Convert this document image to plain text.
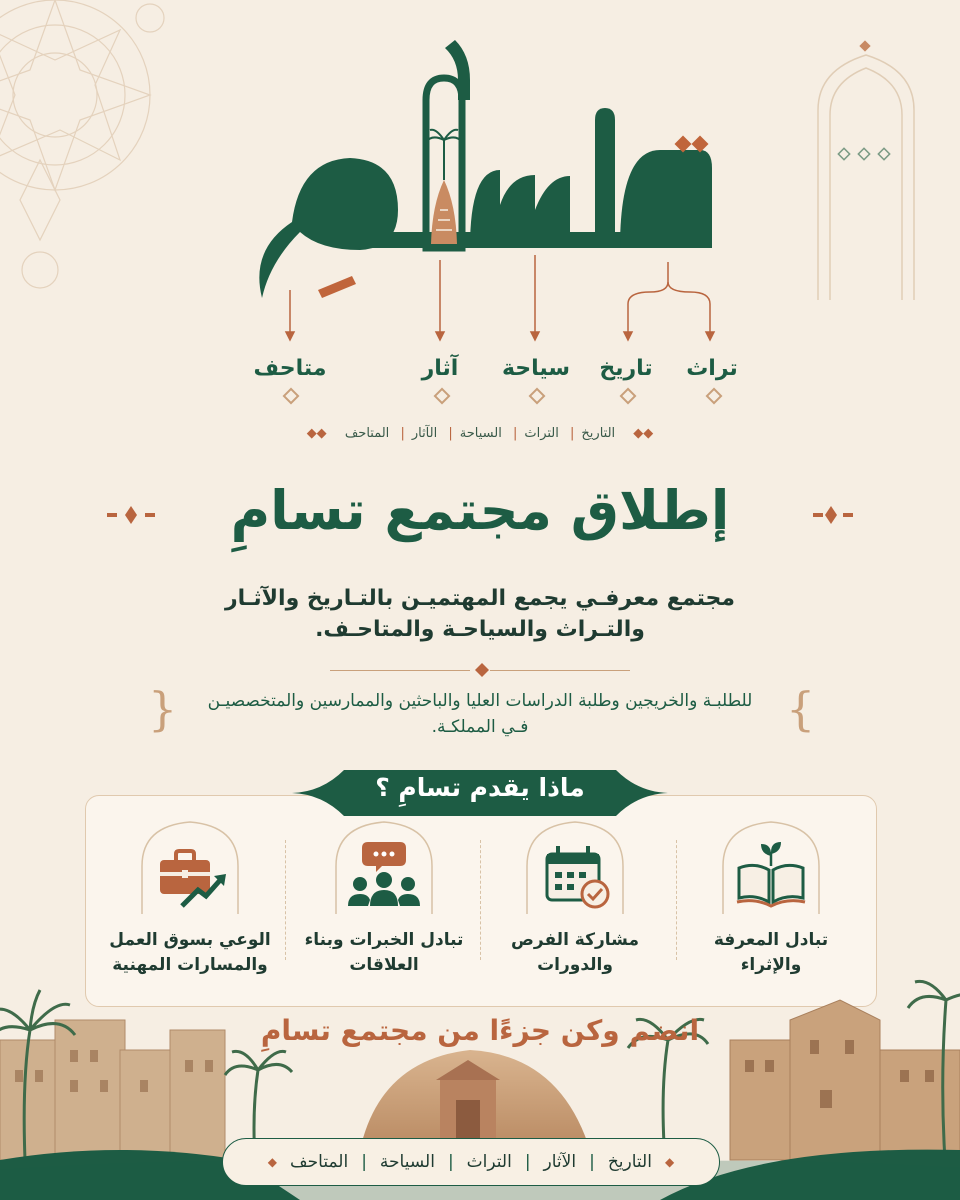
تراث
تاريخ
سياحة
آثار
متاحف
◆◆ التاريخ| التراث| السياحة| الآثار| المتاحف ◆◆
إطلاق مجتمع تسامِ
مجتمع معرفـي يجمع المهتميـن بالتـاريخ والآثـار والتـراث والسياحـة والمتاحـف.
{	}
للطلبـة والخريجين وطلبة الدراسات العليا والباحثين والممارسين والمتخصصيـن فـي المملكـة.
ماذا يقدم تسامِ ؟
تبادل المعرفة والإثراء
مشاركة الفرص والدورات
تبادل الخبرات وبناء العلاقات
الوعي بسوق العمل والمسارات المهنية
انضم وكن جزءًا من مجتمع تسامِ
◆
التاريخ
|
الآثار
|
التراث
|
السياحة
|
المتاحف
◆
